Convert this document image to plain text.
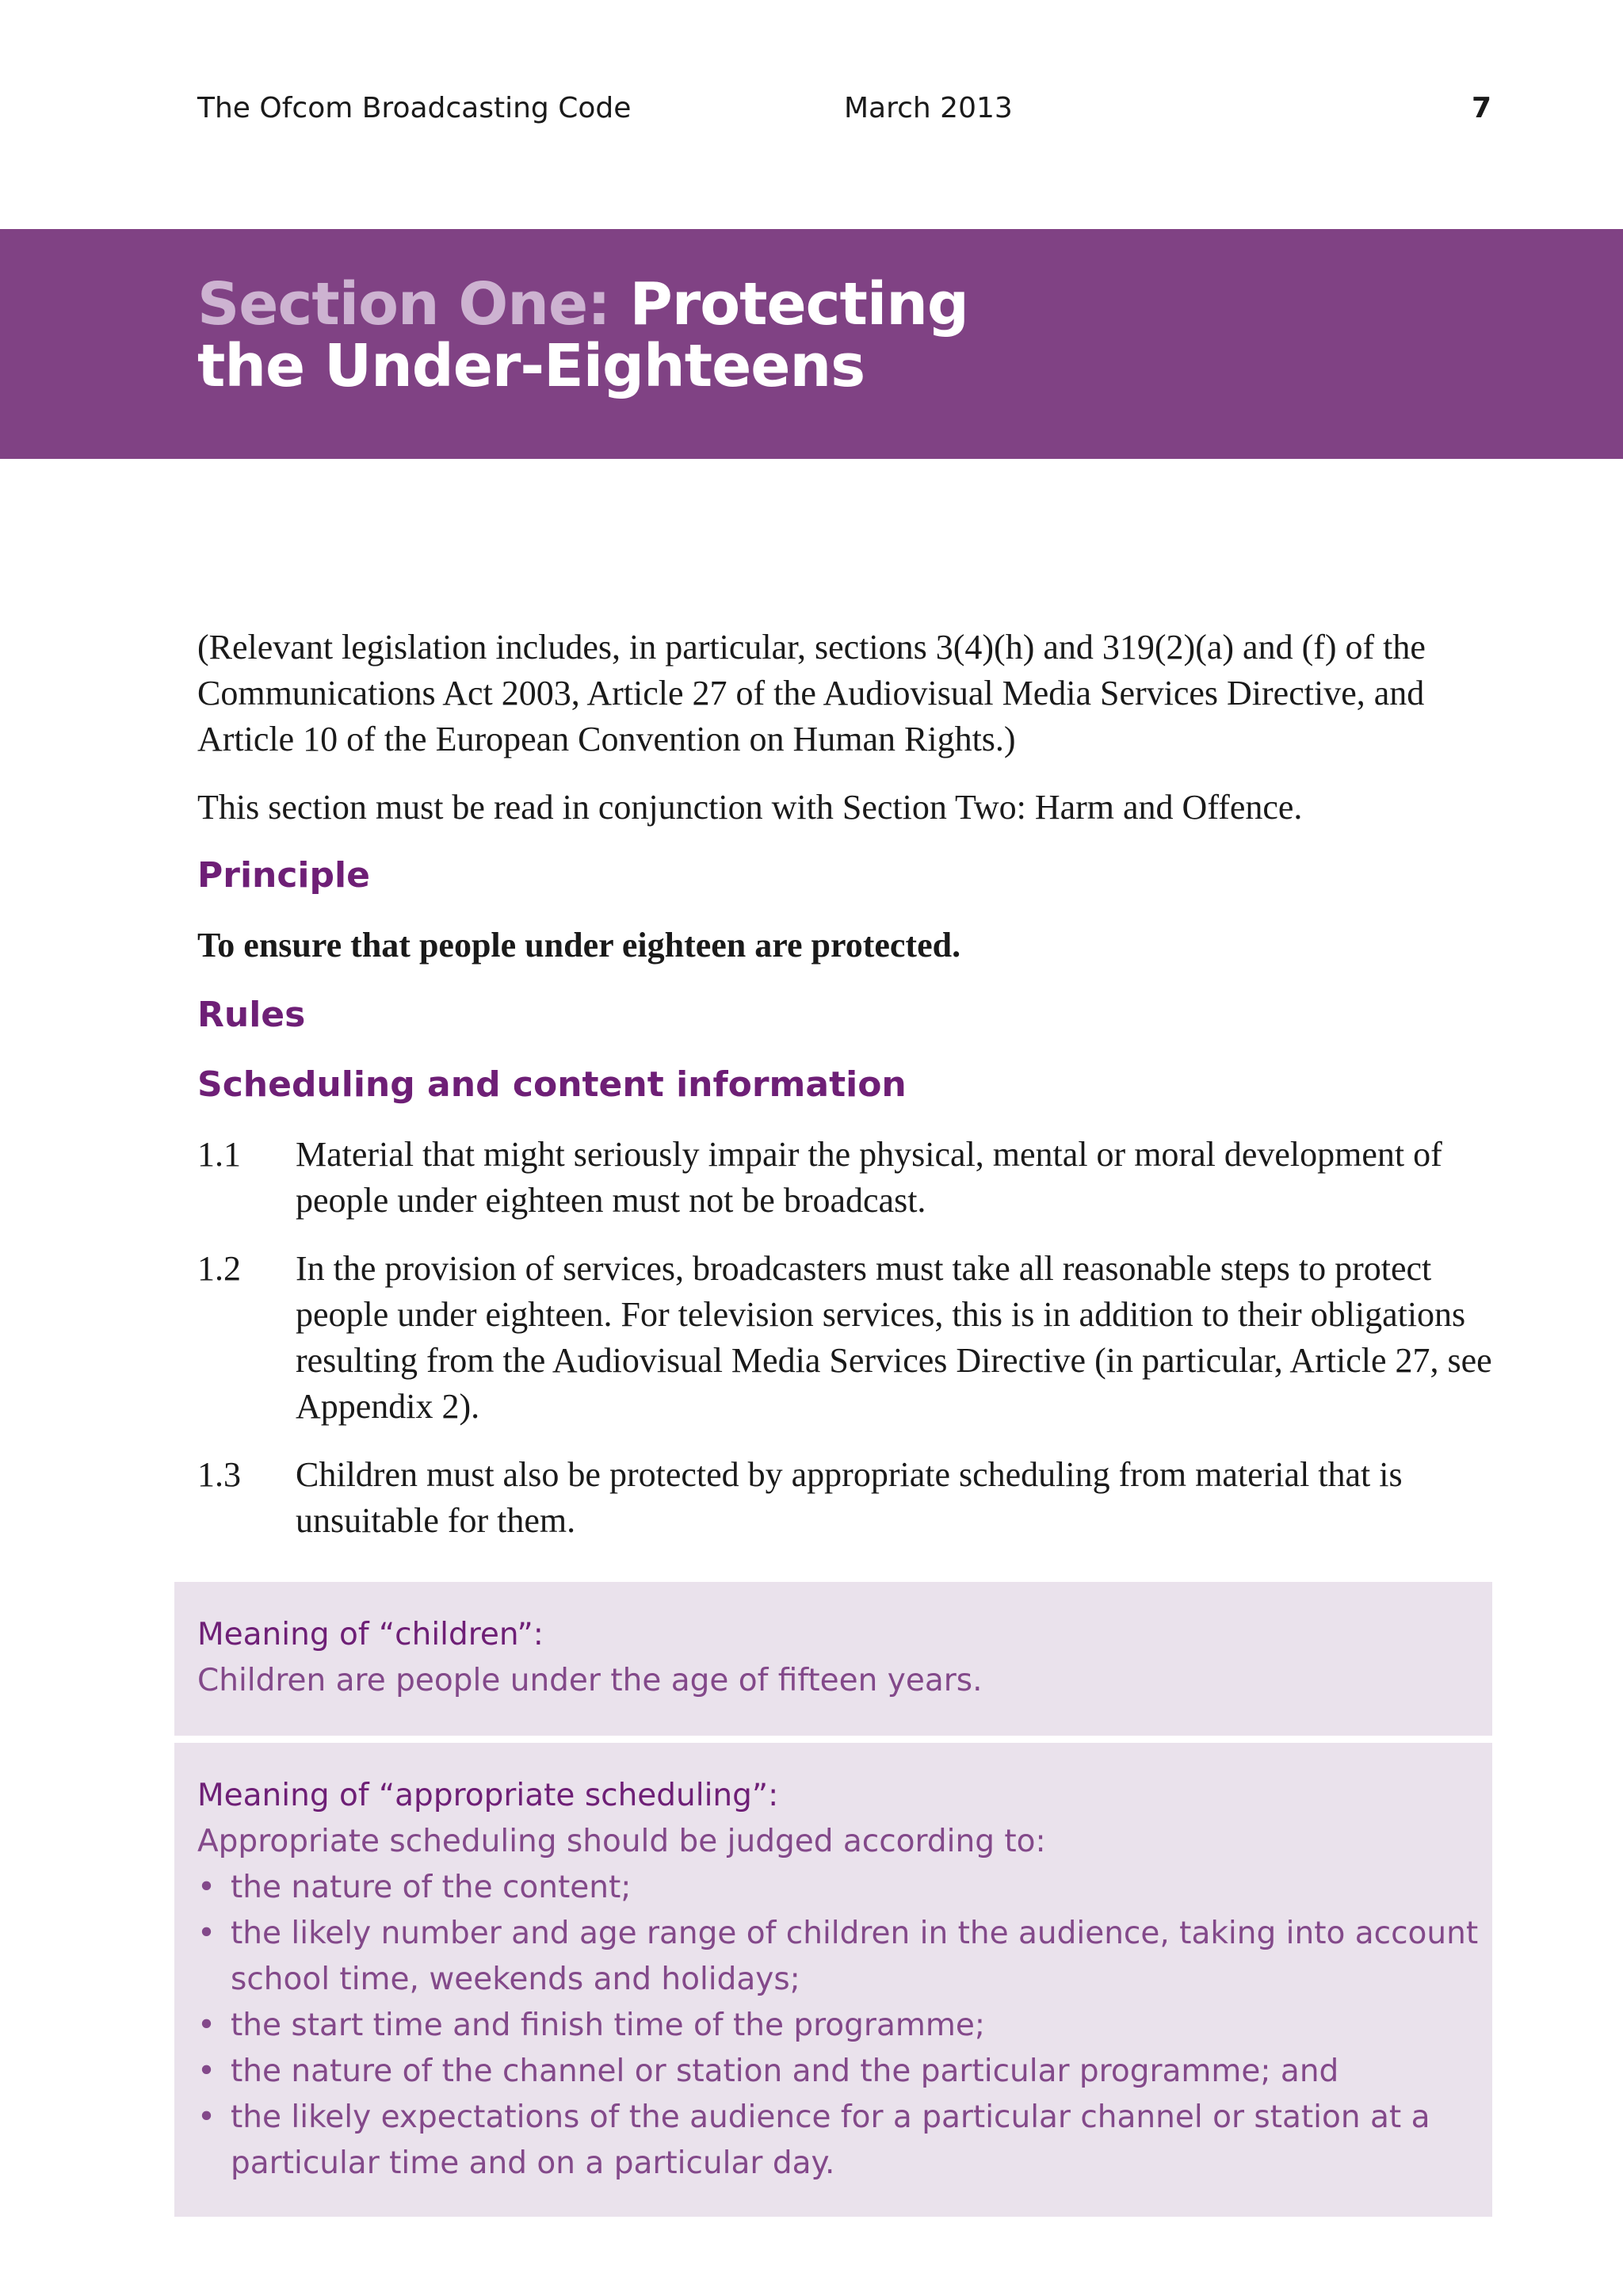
The Ofcom Broadcasting Code	March 2013	7
Section One: Protecting
the Under-Eighteens

(Relevant legislation includes, in particular, sections 3(4)(h) and 319(2)(a) and (f) of the Communications Act 2003, Article 27 of the Audiovisual Media Services Directive, and Article 10 of the European Convention on Human Rights.)

This section must be read in conjunction with Section Two: Harm and Offence.

Principle

To ensure that people under eighteen are protected.

Rules

Scheduling and content information

1.1 Material that might seriously impair the physical, mental or moral development of people under eighteen must not be broadcast.
1.2 In the provision of services, broadcasters must take all reasonable steps to protect people under eighteen. For television services, this is in addition to their obligations resulting from the Audiovisual Media Services Directive (in particular, Article 27, see Appendix 2).
1.3 Children must also be protected by appropriate scheduling from material that is unsuitable for them.

Meaning of “children”:

Children are people under the age of fifteen years.

Meaning of “appropriate scheduling”:

Appropriate scheduling should be judged according to:

• the nature of the content;
• the likely number and age range of children in the audience, taking into account school time, weekends and holidays;
• the start time and finish time of the programme;
• the nature of the channel or station and the particular programme; and
• the likely expectations of the audience for a particular channel or station at a particular time and on a particular day.
